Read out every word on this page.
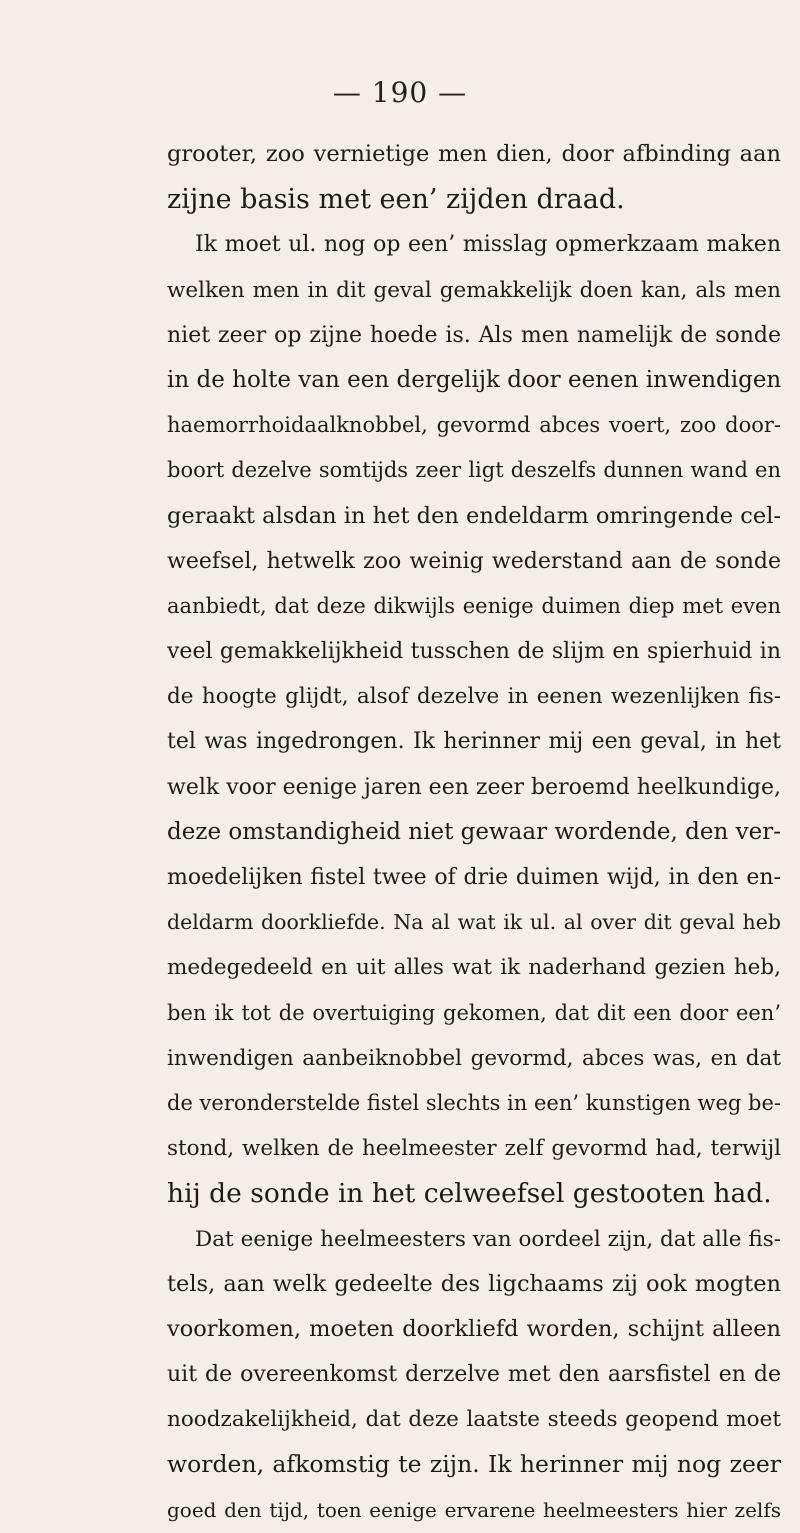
— 190 —
grooter, zoo vernietige men dien, door afbinding aan
zijne basis met een’ zijden draad.
Ik moet ul. nog op een’ misslag opmerkzaam maken
welken men in dit geval gemakkelijk doen kan, als men
niet zeer op zijne hoede is. Als men namelijk de sonde
in de holte van een dergelijk door eenen inwendigen
haemorrhoidaalknobbel, gevormd abces voert, zoo door-
boort dezelve somtijds zeer ligt deszelfs dunnen wand en
geraakt alsdan in het den endeldarm omringende cel-
weefsel, hetwelk zoo weinig wederstand aan de sonde
aanbiedt, dat deze dikwijls eenige duimen diep met even
veel gemakkelijkheid tusschen de slijm en spierhuid in
de hoogte glijdt, alsof dezelve in eenen wezenlijken fis-
tel was ingedrongen. Ik herinner mij een geval, in het
welk voor eenige jaren een zeer beroemd heelkundige,
deze omstandigheid niet gewaar wordende, den ver-
moedelijken fistel twee of drie duimen wijd, in den en-
deldarm doorkliefde. Na al wat ik ul. al over dit geval heb
medegedeeld en uit alles wat ik naderhand gezien heb,
ben ik tot de overtuiging gekomen, dat dit een door een’
inwendigen aanbeiknobbel gevormd, abces was, en dat
de veronderstelde fistel slechts in een’ kunstigen weg be-
stond, welken de heelmeester zelf gevormd had, terwijl
hij de sonde in het celweefsel gestooten had.
Dat eenige heelmeesters van oordeel zijn, dat alle fis-
tels, aan welk gedeelte des ligchaams zij ook mogten
voorkomen, moeten doorkliefd worden, schijnt alleen
uit de overeenkomst derzelve met den aarsfistel en de
noodzakelijkheid, dat deze laatste steeds geopend moet
worden, afkomstig te zijn. Ik herinner mij nog zeer
goed den tijd, toen eenige ervarene heelmeesters hier zelfs
